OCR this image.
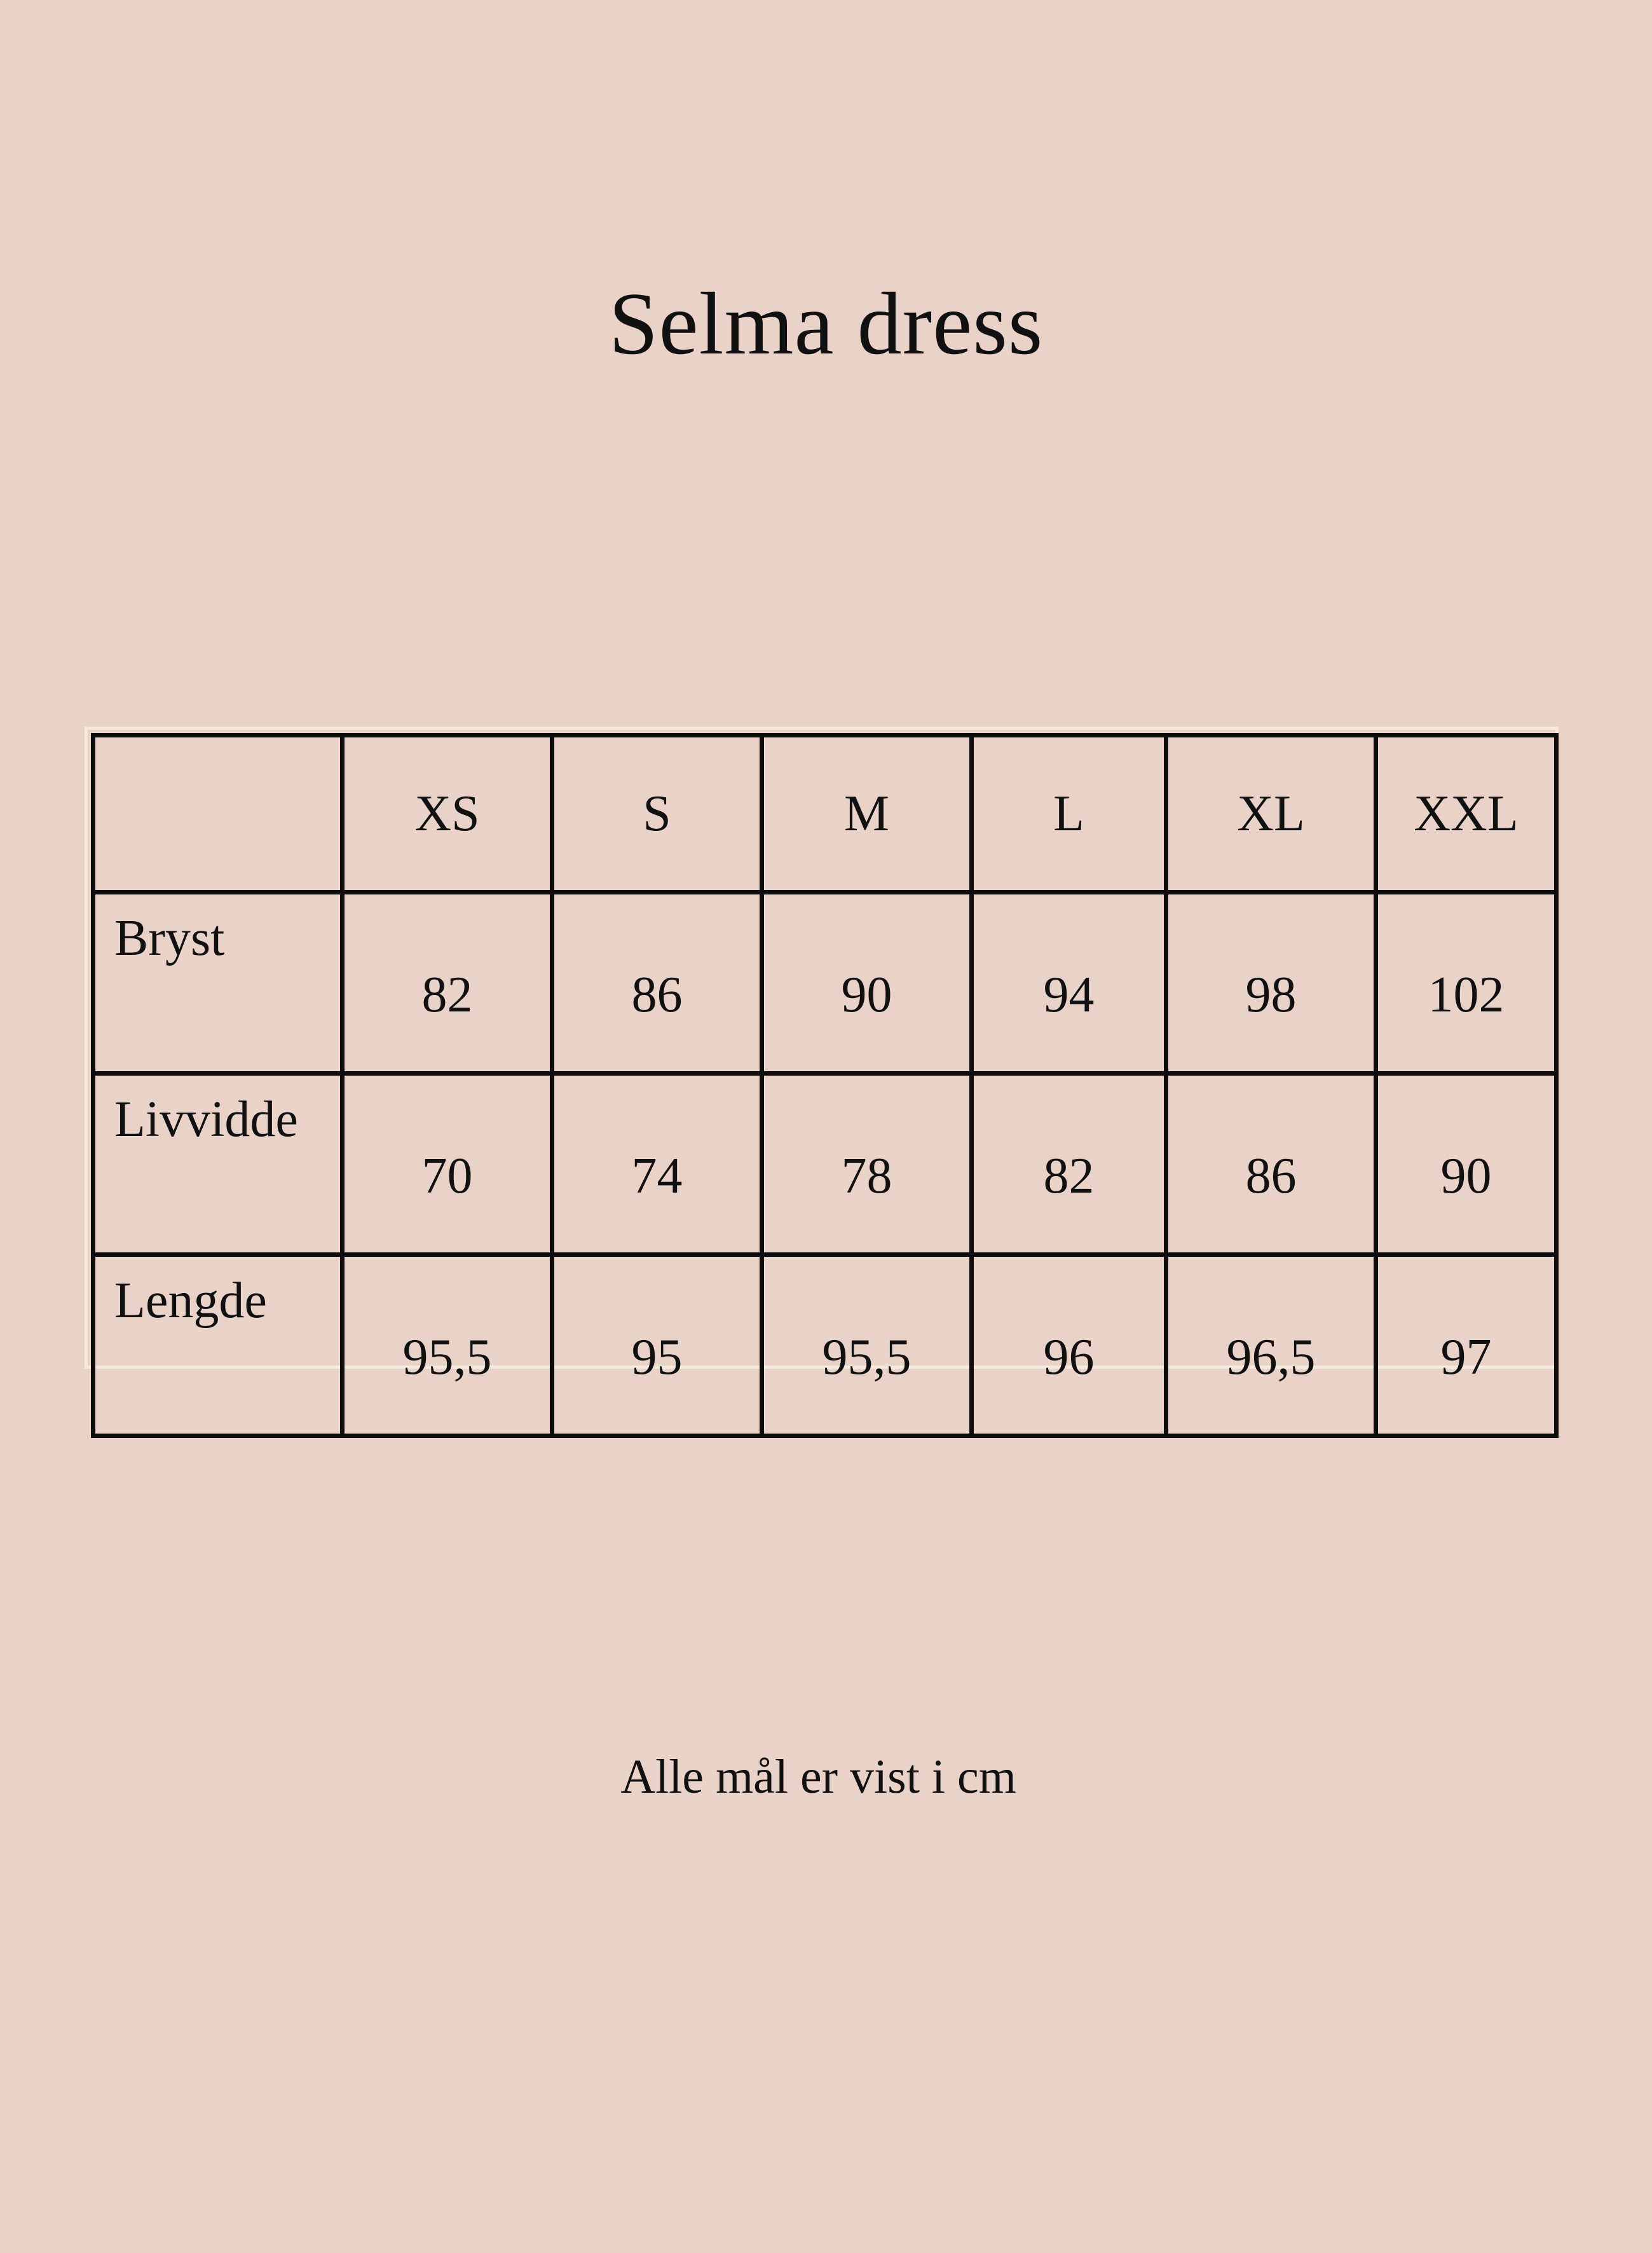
Selma dress
	XS	S	M	L	XL	XXL
Bryst	82	86	90	94	98	102
Livvidde	70	74	78	82	86	90
Lengde	95,5	95	95,5	96	96,5	97
Alle mål er vist i cm
